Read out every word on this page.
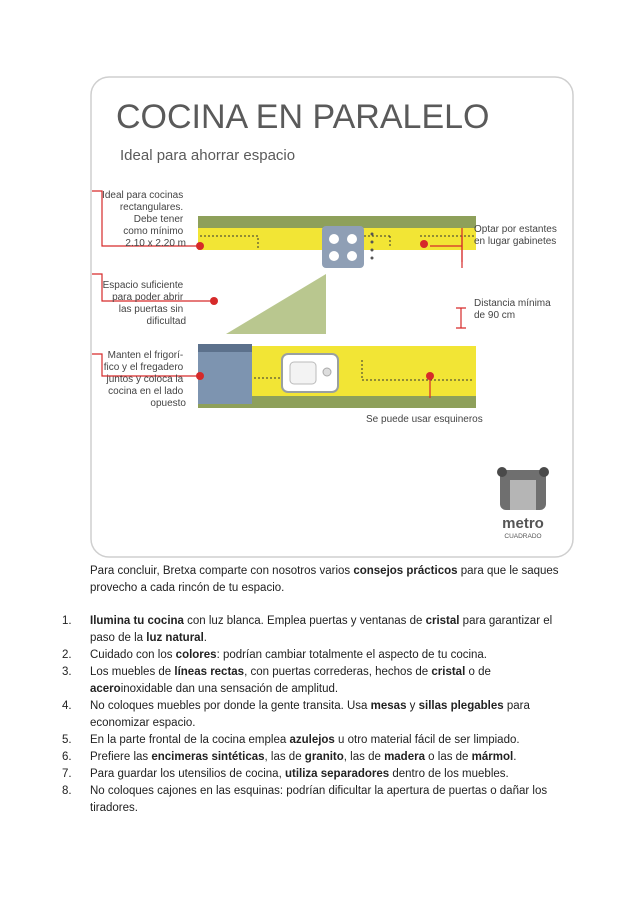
COCINA EN PARALELO
Ideal para ahorrar espacio
Ideal para cocinas rectangulares. Debe tener como mínimo 2.10 x 2.20 m
Espacio suficiente para poder abrir las puertas sin dificultad
Manten el frigorí- fico y el fregadero juntos y coloca la cocina en el lado opuesto
Optar por estantes en lugar gabinetes
Distancia mínima de 90 cm
Se puede usar esquineros
metro
CUADRADO

Para concluir, Bretxa comparte con nosotros varios consejos prácticos para que le saques provecho a cada rincón de tu espacio.

1. Ilumina tu cocina con luz blanca. Emplea puertas y ventanas de cristal para garantizar el paso de la luz natural.
2. Cuidado con los colores: podrían cambiar totalmente el aspecto de tu cocina.
3. Los muebles de líneas rectas, con puertas correderas, hechos de cristal o de aceroinoxidable dan una sensación de amplitud.
4. No coloques muebles por donde la gente transita. Usa mesas y sillas plegables para economizar espacio.
5. En la parte frontal de la cocina emplea azulejos u otro material fácil de ser limpiado.
6. Prefiere las encimeras sintéticas, las de granito, las de madera o las de mármol.
7. Para guardar los utensilios de cocina, utiliza separadores dentro de los muebles.
8. No coloques cajones en las esquinas: podrían dificultar la apertura de puertas o dañar los tiradores.
